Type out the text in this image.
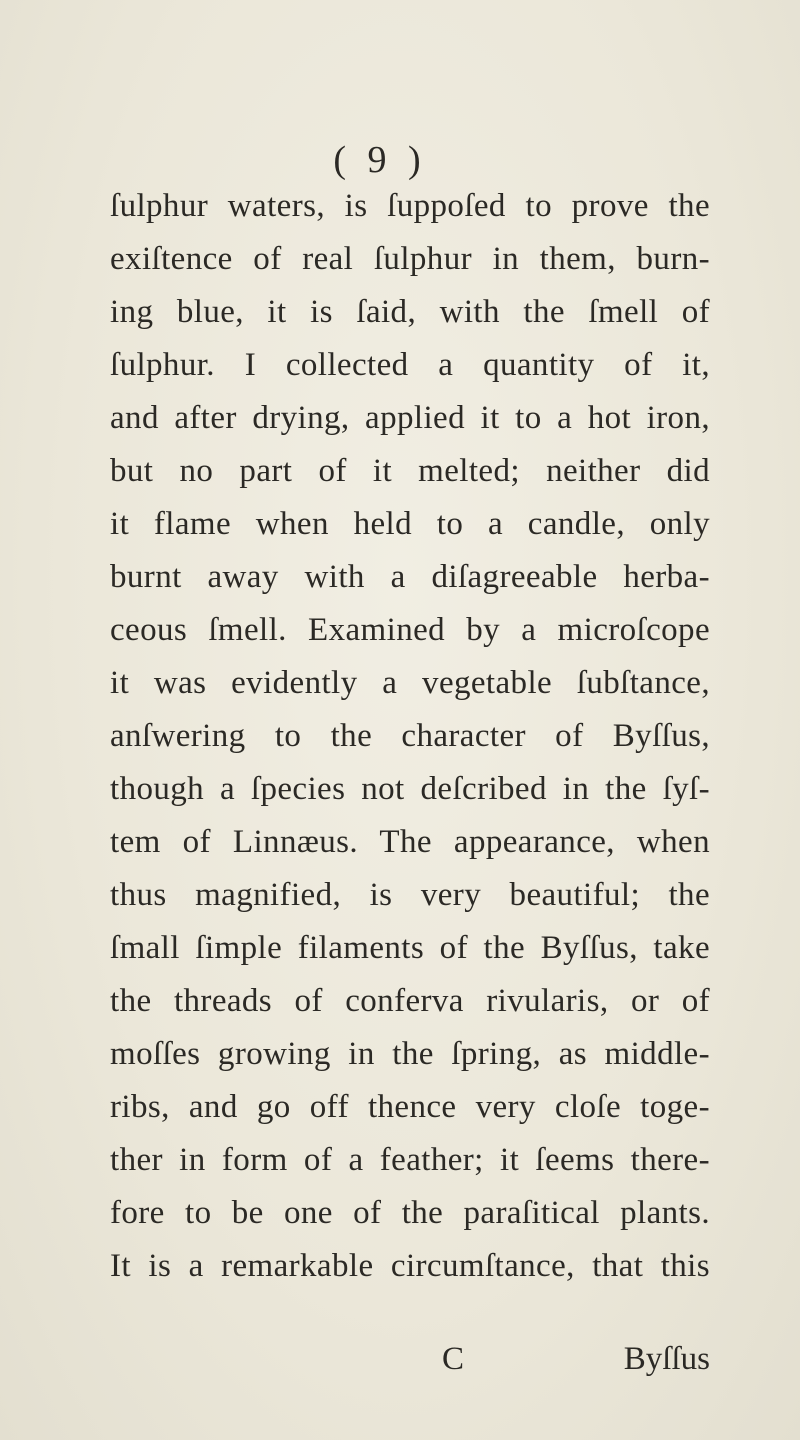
( 9 )
ſulphur waters, is ſuppoſed to prove the
exiſtence of real ſulphur in them, burn-
ing blue, it is ſaid, with the ſmell of
ſulphur. I collected a quantity of it,
and after drying, applied it to a hot iron,
but no part of it melted; neither did
it flame when held to a candle, only
burnt away with a diſagreeable herba-
ceous ſmell. Examined by a microſcope
it was evidently a vegetable ſubſtance,
anſwering to the character of Byſſus,
though a ſpecies not deſcribed in the ſyſ-
tem of Linnæus. The appearance, when
thus magnified, is very beautiful; the
ſmall ſimple filaments of the Byſſus, take
the threads of conferva rivularis, or of
moſſes growing in the ſpring, as middle-
ribs, and go off thence very cloſe toge-
ther in form of a feather; it ſeems there-
fore to be one of the paraſitical plants.
It is a remarkable circumſtance, that this
C	Byſſus
